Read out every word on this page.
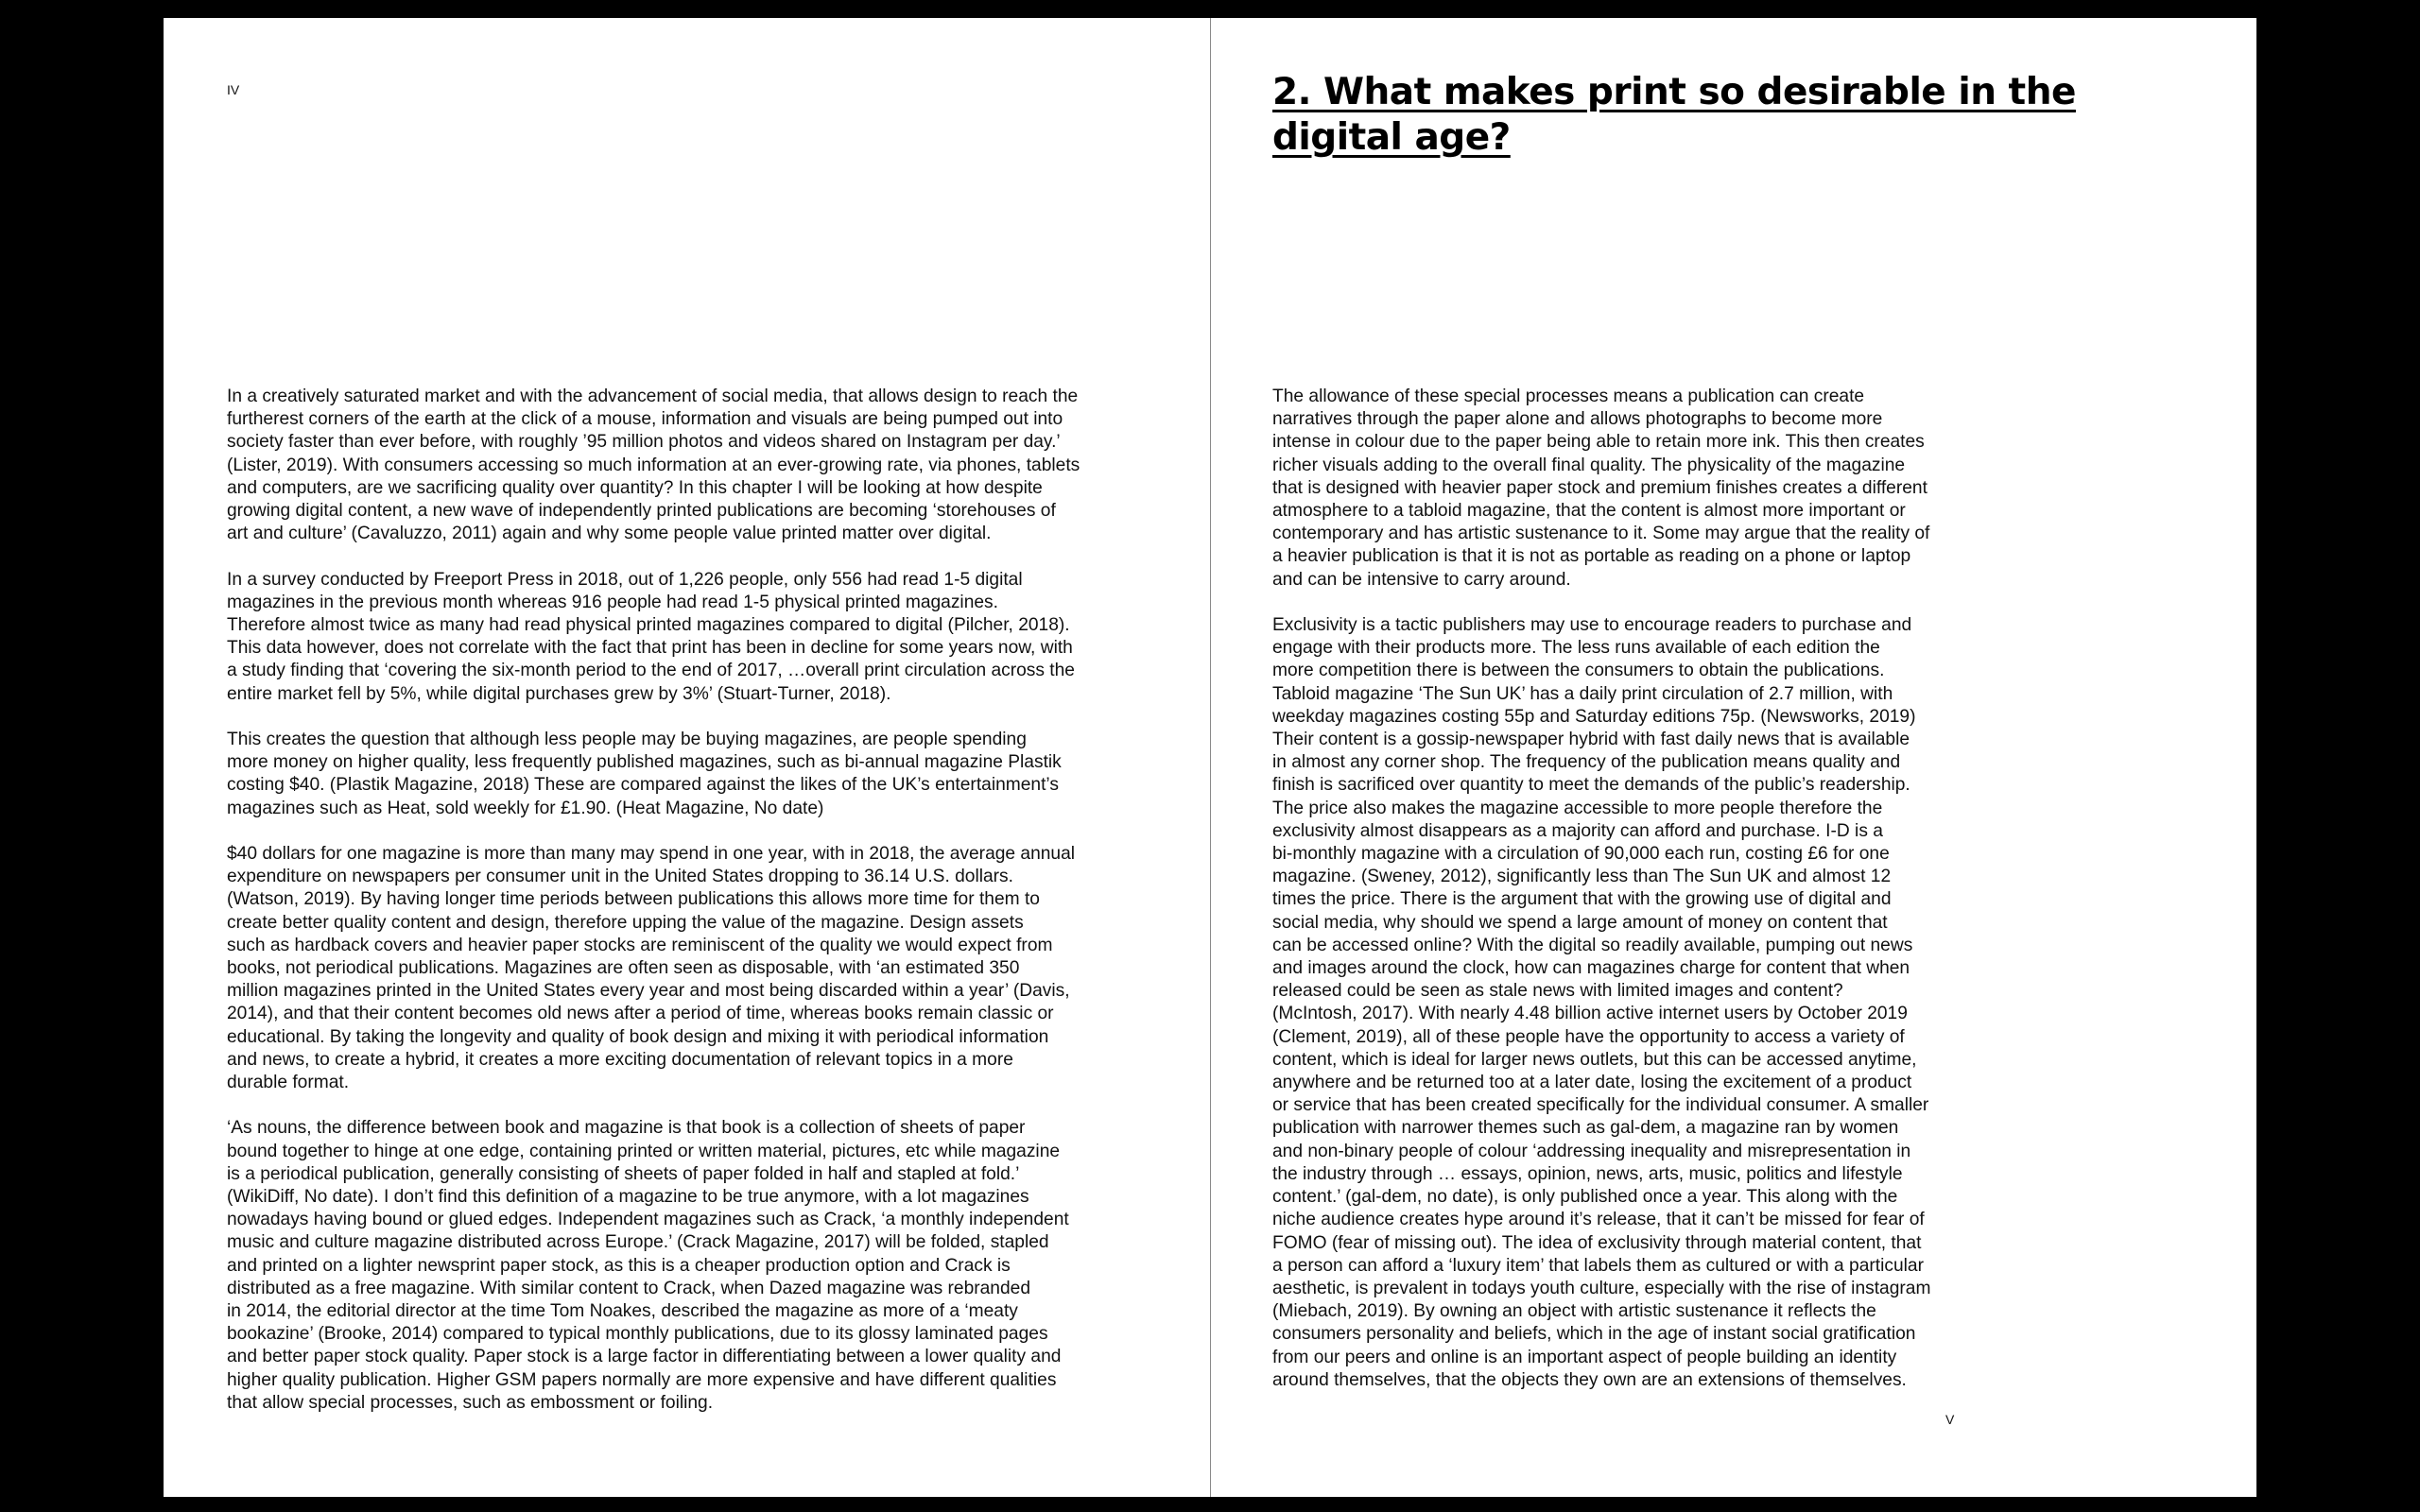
IV

In a creatively saturated market and with the advancement of social media, that allows design to reach the
furtherest corners of the earth at the click of a mouse, information and visuals are being pumped out into
society faster than ever before, with roughly ’95 million photos and videos shared on Instagram per day.’
(Lister, 2019). With consumers accessing so much information at an ever-growing rate, via phones, tablets
and computers, are we sacrificing quality over quantity? In this chapter I will be looking at how despite
growing digital content, a new wave of independently printed publications are becoming ‘storehouses of
art and culture’ (Cavaluzzo, 2011) again and why some people value printed matter over digital.

In a survey conducted by Freeport Press in 2018, out of 1,226 people, only 556 had read 1-5 digital
magazines in the previous month whereas 916 people had read 1-5 physical printed magazines.
Therefore almost twice as many had read physical printed magazines compared to digital (Pilcher, 2018).
This data however, does not correlate with the fact that print has been in decline for some years now, with
a study finding that ‘covering the six-month period to the end of 2017, …overall print circulation across the
entire market fell by 5%, while digital purchases grew by 3%’ (Stuart-Turner, 2018).

This creates the question that although less people may be buying magazines, are people spending
more money on higher quality, less frequently published magazines, such as bi-annual magazine Plastik
costing $40. (Plastik Magazine, 2018) These are compared against the likes of the UK’s entertainment’s
magazines such as Heat, sold weekly for £1.90. (Heat Magazine, No date)

$40 dollars for one magazine is more than many may spend in one year, with in 2018, the average annual
expenditure on newspapers per consumer unit in the United States dropping to 36.14 U.S. dollars.
(Watson, 2019). By having longer time periods between publications this allows more time for them to
create better quality content and design, therefore upping the value of the magazine. Design assets
such as hardback covers and heavier paper stocks are reminiscent of the quality we would expect from
books, not periodical publications. Magazines are often seen as disposable, with ‘an estimated 350
million magazines printed in the United States every year and most being discarded within a year’ (Davis,
2014), and that their content becomes old news after a period of time, whereas books remain classic or
educational. By taking the longevity and quality of book design and mixing it with periodical information
and news, to create a hybrid, it creates a more exciting documentation of relevant topics in a more
durable format.

‘As nouns, the difference between book and magazine is that book is a collection of sheets of paper
bound together to hinge at one edge, containing printed or written material, pictures, etc while magazine
is a periodical publication, generally consisting of sheets of paper folded in half and stapled at fold.’
(WikiDiff, No date). I don’t find this definition of a magazine to be true anymore, with a lot magazines
nowadays having bound or glued edges. Independent magazines such as Crack, ‘a monthly independent
music and culture magazine distributed across Europe.’ (Crack Magazine, 2017) will be folded, stapled
and printed on a lighter newsprint paper stock, as this is a cheaper production option and Crack is
distributed as a free magazine. With similar content to Crack, when Dazed magazine was rebranded
in 2014, the editorial director at the time Tom Noakes, described the magazine as more of a ‘meaty
bookazine’ (Brooke, 2014) compared to typical monthly publications, due to its glossy laminated pages
and better paper stock quality. Paper stock is a large factor in differentiating between a lower quality and
higher quality publication. Higher GSM papers normally are more expensive and have different qualities
that allow special processes, such as embossment or foiling.

2. What makes print so desirable in the digital age?

The allowance of these special processes means a publication can create
narratives through the paper alone and allows photographs to become more
intense in colour due to the paper being able to retain more ink. This then creates
richer visuals adding to the overall final quality. The physicality of the magazine
that is designed with heavier paper stock and premium finishes creates a different
atmosphere to a tabloid magazine, that the content is almost more important or
contemporary and has artistic sustenance to it. Some may argue that the reality of
a heavier publication is that it is not as portable as reading on a phone or laptop
and can be intensive to carry around.

Exclusivity is a tactic publishers may use to encourage readers to purchase and
engage with their products more. The less runs available of each edition the
more competition there is between the consumers to obtain the publications.
Tabloid magazine ‘The Sun UK’ has a daily print circulation of 2.7 million, with
weekday magazines costing 55p and Saturday editions 75p. (Newsworks, 2019)
Their content is a gossip-newspaper hybrid with fast daily news that is available
in almost any corner shop. The frequency of the publication means quality and
finish is sacrificed over quantity to meet the demands of the public’s readership.
The price also makes the magazine accessible to more people therefore the
exclusivity almost disappears as a majority can afford and purchase. I-D is a
bi-monthly magazine with a circulation of 90,000 each run, costing £6 for one
magazine. (Sweney, 2012), significantly less than The Sun UK and almost 12
times the price. There is the argument that with the growing use of digital and
social media, why should we spend a large amount of money on content that
can be accessed online? With the digital so readily available, pumping out news
and images around the clock, how can magazines charge for content that when
released could be seen as stale news with limited images and content?
(McIntosh, 2017). With nearly 4.48 billion active internet users by October 2019
(Clement, 2019), all of these people have the opportunity to access a variety of
content, which is ideal for larger news outlets, but this can be accessed anytime,
anywhere and be returned too at a later date, losing the excitement of a product
or service that has been created specifically for the individual consumer. A smaller
publication with narrower themes such as gal-dem, a magazine ran by women
and non-binary people of colour ‘addressing inequality and misrepresentation in
the industry through … essays, opinion, news, arts, music, politics and lifestyle
content.’ (gal-dem, no date), is only published once a year. This along with the
niche audience creates hype around it’s release, that it can’t be missed for fear of
FOMO (fear of missing out). The idea of exclusivity through material content, that
a person can afford a ‘luxury item’ that labels them as cultured or with a particular
aesthetic, is prevalent in todays youth culture, especially with the rise of instagram
(Miebach, 2019). By owning an object with artistic sustenance it reflects the
consumers personality and beliefs, which in the age of instant social gratification
from our peers and online is an important aspect of people building an identity
around themselves, that the objects they own are an extensions of themselves.

V
